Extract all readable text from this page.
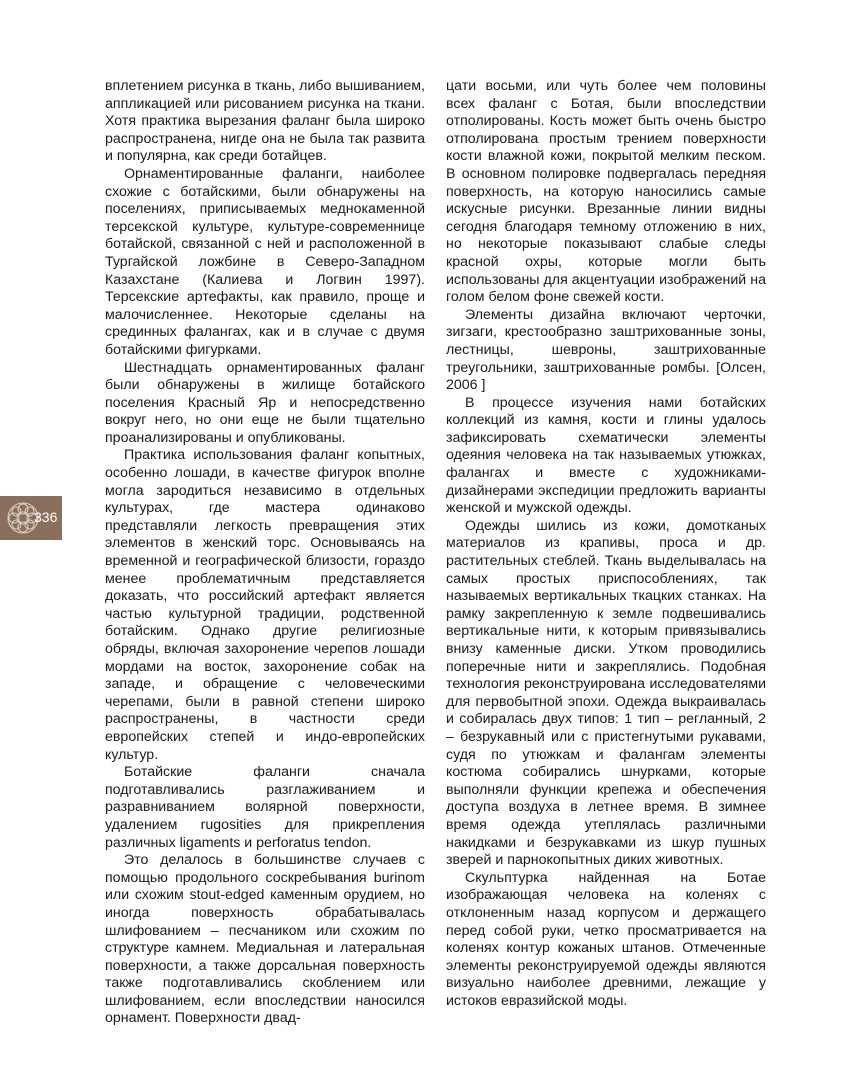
336

вплетением рисунка в ткань, либо вышиванием, аппликацией или рисованием рисунка на ткани. Хотя практика вырезания фаланг была широко распространена, нигде она не была так развита и популярна, как среди ботайцев.

Орнаментированные фаланги, наиболее схожие с ботайскими, были обнаружены на поселениях, приписываемых меднокаменной терсекской культуре, культуре-современнице ботайской, связанной с ней и расположенной в Тургайской ложбине в Северо-Западном Казахстане (Калиева и Логвин 1997). Терсекские артефакты, как правило, проще и малочисленнее. Некоторые сделаны на срединных фалангах, как и в случае с двумя ботайскими фигурками.

Шестнадцать орнаментированных фаланг были обнаружены в жилище ботайского поселения Красный Яр и непосредственно вокруг него, но они еще не были тщательно проанализированы и опубликованы.

Практика использования фаланг копытных, особенно лошади, в качестве фигурок вполне могла зародиться независимо в отдельных культурах, где мастера одинаково представляли легкость превращения этих элементов в женский торс. Основываясь на временной и географической близости, гораздо менее проблематичным представляется доказать, что российский артефакт является частью культурной традиции, родственной ботайским. Однако другие религиозные обряды, включая захоронение черепов лошади мордами на восток, захоронение собак на западе, и обращение с человеческими черепами, были в равной степени широко распространены, в частности среди европейских степей и индо-европейских культур.

Ботайские фаланги сначала подготавливались разглаживанием и разравниванием волярной поверхности, удалением rugosities для прикрепления различных ligaments и perforatus tendon.

Это делалось в большинстве случаев с помощью продольного соскребывания burinom или схожим stout-edged каменным орудием, но иногда поверхность обрабатывалась шлифованием – песчаником или схожим по структуре камнем. Медиальная и латеральная поверхности, а также дорсальная поверхность также подготавливались скоблением или шлифованием, если впоследствии наносился орнамент. Поверхности двад-

цати восьми, или чуть более чем половины всех фаланг с Ботая, были впоследствии отполированы. Кость может быть очень быстро отполирована простым трением поверхности кости влажной кожи, покрытой мелким песком. В основном полировке подвергалась передняя поверхность, на которую наносились самые искусные рисунки. Врезанные линии видны сегодня благодаря темному отложению в них, но некоторые показывают слабые следы красной охры, которые могли быть использованы для акцентуации изображений на голом белом фоне свежей кости.

Элементы дизайна включают черточки, зигзаги, крестообразно заштрихованные зоны, лестницы, шевроны, заштрихованные треугольники, заштрихованные ромбы. [Олсен, 2006 ]

В процессе изучения нами ботайских коллекций из камня, кости и глины удалось зафиксировать схематически элементы одеяния человека на так называемых утюжках, фалангах и вместе с художниками-дизайнерами экспедиции предложить варианты женской и мужской одежды.

Одежды шились из кожи, домотканых материалов из крапивы, проса и др. растительных стеблей. Ткань выделывалась на самых простых приспособлениях, так называемых вертикальных ткацких станках. На рамку закрепленную к земле подвешивались вертикальные нити, к которым привязывались внизу каменные диски. Утком проводились поперечные нити и закреплялись. Подобная технология реконструирована исследователями для первобытной эпохи. Одежда выкраивалась и собиралась двух типов: 1 тип – регланный, 2 – безрукавный или с пристегнутыми рукавами, судя по утюжкам и фалангам элементы костюма собирались шнурками, которые выполняли функции крепежа и обеспечения доступа воздуха в летнее время. В зимнее время одежда утеплялась различными накидками и безрукавками из шкур пушных зверей и парнокопытных диких животных.

Скульптурка найденная на Ботае изображающая человека на коленях с отклоненным назад корпусом и держащего перед собой руки, четко просматривается на коленях контур кожаных штанов. Отмеченные элементы реконструируемой одежды являются визуально наиболее древними, лежащие у истоков евразийской моды.
